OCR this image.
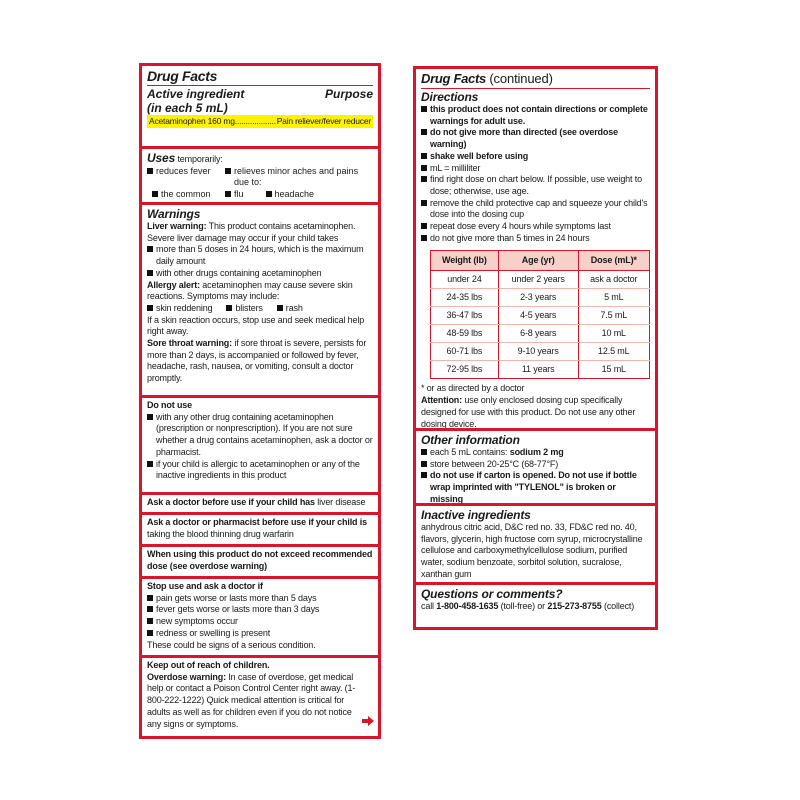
Drug Facts
Active ingredient	Purpose
(in each 5 mL)
Acetaminophen 160 mg ................... Pain reliever/fever reducer
Uses temporarily:
reduces fever	relieves minor aches and pains due to:
the common	flu	headache
Warnings
Liver warning: This product contains acetaminophen. Severe liver damage may occur if your child takes
more than 5 doses in 24 hours, which is the maximum daily amount
with other drugs containing acetaminophen
Allergy alert: acetaminophen may cause severe skin reactions. Symptoms may include:
skin reddening	blisters	rash
If a skin reaction occurs, stop use and seek medical help right away.
Sore throat warning: if sore throat is severe, persists for more than 2 days, is accompanied or followed by fever, headache, rash, nausea, or vomiting, consult a doctor promptly.
Do not use
with any other drug containing acetaminophen (prescription or nonprescription). If you are not sure whether a drug contains acetaminophen, ask a doctor or pharmacist.
if your child is allergic to acetaminophen or any of the inactive ingredients in this product
Ask a doctor before use if your child has liver disease
Ask a doctor or pharmacist before use if your child is
taking the blood thinning drug warfarin
When using this product do not exceed recommended dose (see overdose warning)
Stop use and ask a doctor if
pain gets worse or lasts more than 5 days
fever gets worse or lasts more than 3 days
new symptoms occur
redness or swelling is present
These could be signs of a serious condition.
Keep out of reach of children.
Overdose warning: In case of overdose, get medical help or contact a Poison Control Center right away. (1-800-222-1222) Quick medical attention is critical for adults as well as for children even if you do not notice any signs or symptoms.
Drug Facts (continued)
Directions
this product does not contain directions or complete warnings for adult use.
do not give more than directed (see overdose warning)
shake well before using
mL = milliliter
find right dose on chart below. If possible, use weight to dose; otherwise, use age.
remove the child protective cap and squeeze your child's dose into the dosing cup
repeat dose every 4 hours while symptoms last
do not give more than 5 times in 24 hours
Weight (lb)	Age (yr)	Dose (mL)*
under 24	under 2 years	ask a doctor
24-35 lbs	2-3 years	5 mL
36-47 lbs	4-5 years	7.5 mL
48-59 lbs	6-8 years	10 mL
60-71 lbs	9-10 years	12.5 mL
72-95 lbs	11 years	15 mL
* or as directed by a doctor
Attention: use only enclosed dosing cup specifically designed for use with this product. Do not use any other dosing device.
Other information
each 5 mL contains: sodium 2 mg
store between 20-25°C (68-77°F)
do not use if carton is opened. Do not use if bottle wrap imprinted with "TYLENOL" is broken or missing
Inactive ingredients
anhydrous citric acid, D&C red no. 33, FD&C red no. 40, flavors, glycerin, high fructose corn syrup, microcrystalline cellulose and carboxymethylcellulose sodium, purified water, sodium benzoate, sorbitol solution, sucralose, xanthan gum
Questions or comments?
call 1-800-458-1635 (toll-free) or 215-273-8755 (collect)
